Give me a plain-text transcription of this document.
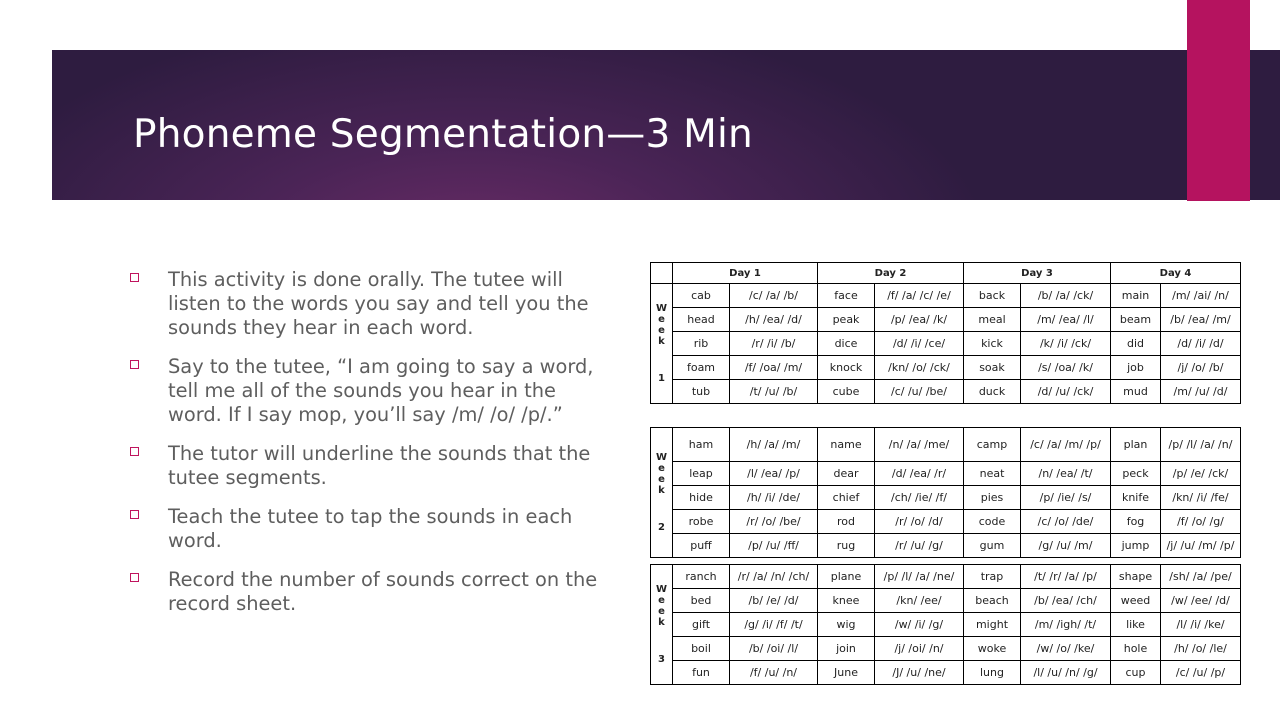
Phoneme Segmentation—3 Min
This activity is done orally. The tutee will listen to the words you say and tell you the sounds they hear in each word.
Say to the tutee, “I am going to say a word, tell me all of the sounds you hear in the word. If I say mop, you’ll say /m/ /o/ /p/.”
The tutor will underline the sounds that the tutee segments.
Teach the tutee to tap the sounds in each word.
Record the number of sounds correct on the record sheet.
	Day 1		Day 2		Day 3		Day 4	

W
e
e
k
1	cab	/c/ /a/ /b/	face	/f/ /a/ /c/ /e/	back	/b/ /a/ /ck/	main	/m/ /ai/ /n/
	head	/h/ /ea/ /d/	peak	/p/ /ea/ /k/	meal	/m/ /ea/ /l/	beam	/b/ /ea/ /m/
	rib	/r/ /i/ /b/	dice	/d/ /i/ /ce/	kick	/k/ /i/ /ck/	did	/d/ /i/ /d/
	foam	/f/ /oa/ /m/	knock	/kn/ /o/ /ck/	soak	/s/ /oa/ /k/	job	/j/ /o/ /b/
	tub	/t/ /u/ /b/	cube	/c/ /u/ /be/	duck	/d/ /u/ /ck/	mud	/m/ /u/ /d/
W
e
e
k
2	ham	/h/ /a/ /m/	name	/n/ /a/ /me/	camp	/c/ /a/ /m/ /p/	plan	/p/ /l/ /a/ /n/
	leap	/l/ /ea/ /p/	dear	/d/ /ea/ /r/	neat	/n/ /ea/ /t/	peck	/p/ /e/ /ck/
	hide	/h/ /i/ /de/	chief	/ch/ /ie/ /f/	pies	/p/ /ie/ /s/	knife	/kn/ /i/ /fe/
	robe	/r/ /o/ /be/	rod	/r/ /o/ /d/	code	/c/ /o/ /de/	fog	/f/ /o/ /g/
	puff	/p/ /u/ /ff/	rug	/r/ /u/ /g/	gum	/g/ /u/ /m/	jump	/j/ /u/ /m/ /p/
W
e
e
k
3	ranch	/r/ /a/ /n/ /ch/	plane	/p/ /l/ /a/ /ne/	trap	/t/ /r/ /a/ /p/	shape	/sh/ /a/ /pe/
	bed	/b/ /e/ /d/	knee	/kn/ /ee/	beach	/b/ /ea/ /ch/	weed	/w/ /ee/ /d/
	gift	/g/ /i/ /f/ /t/	wig	/w/ /i/ /g/	might	/m/ /igh/ /t/	like	/l/ /i/ /ke/
	boil	/b/ /oi/ /l/	join	/j/ /oi/ /n/	woke	/w/ /o/ /ke/	hole	/h/ /o/ /le/
	fun	/f/ /u/ /n/	June	/J/ /u/ /ne/	lung	/l/ /u/ /n/ /g/	cup	/c/ /u/ /p/
